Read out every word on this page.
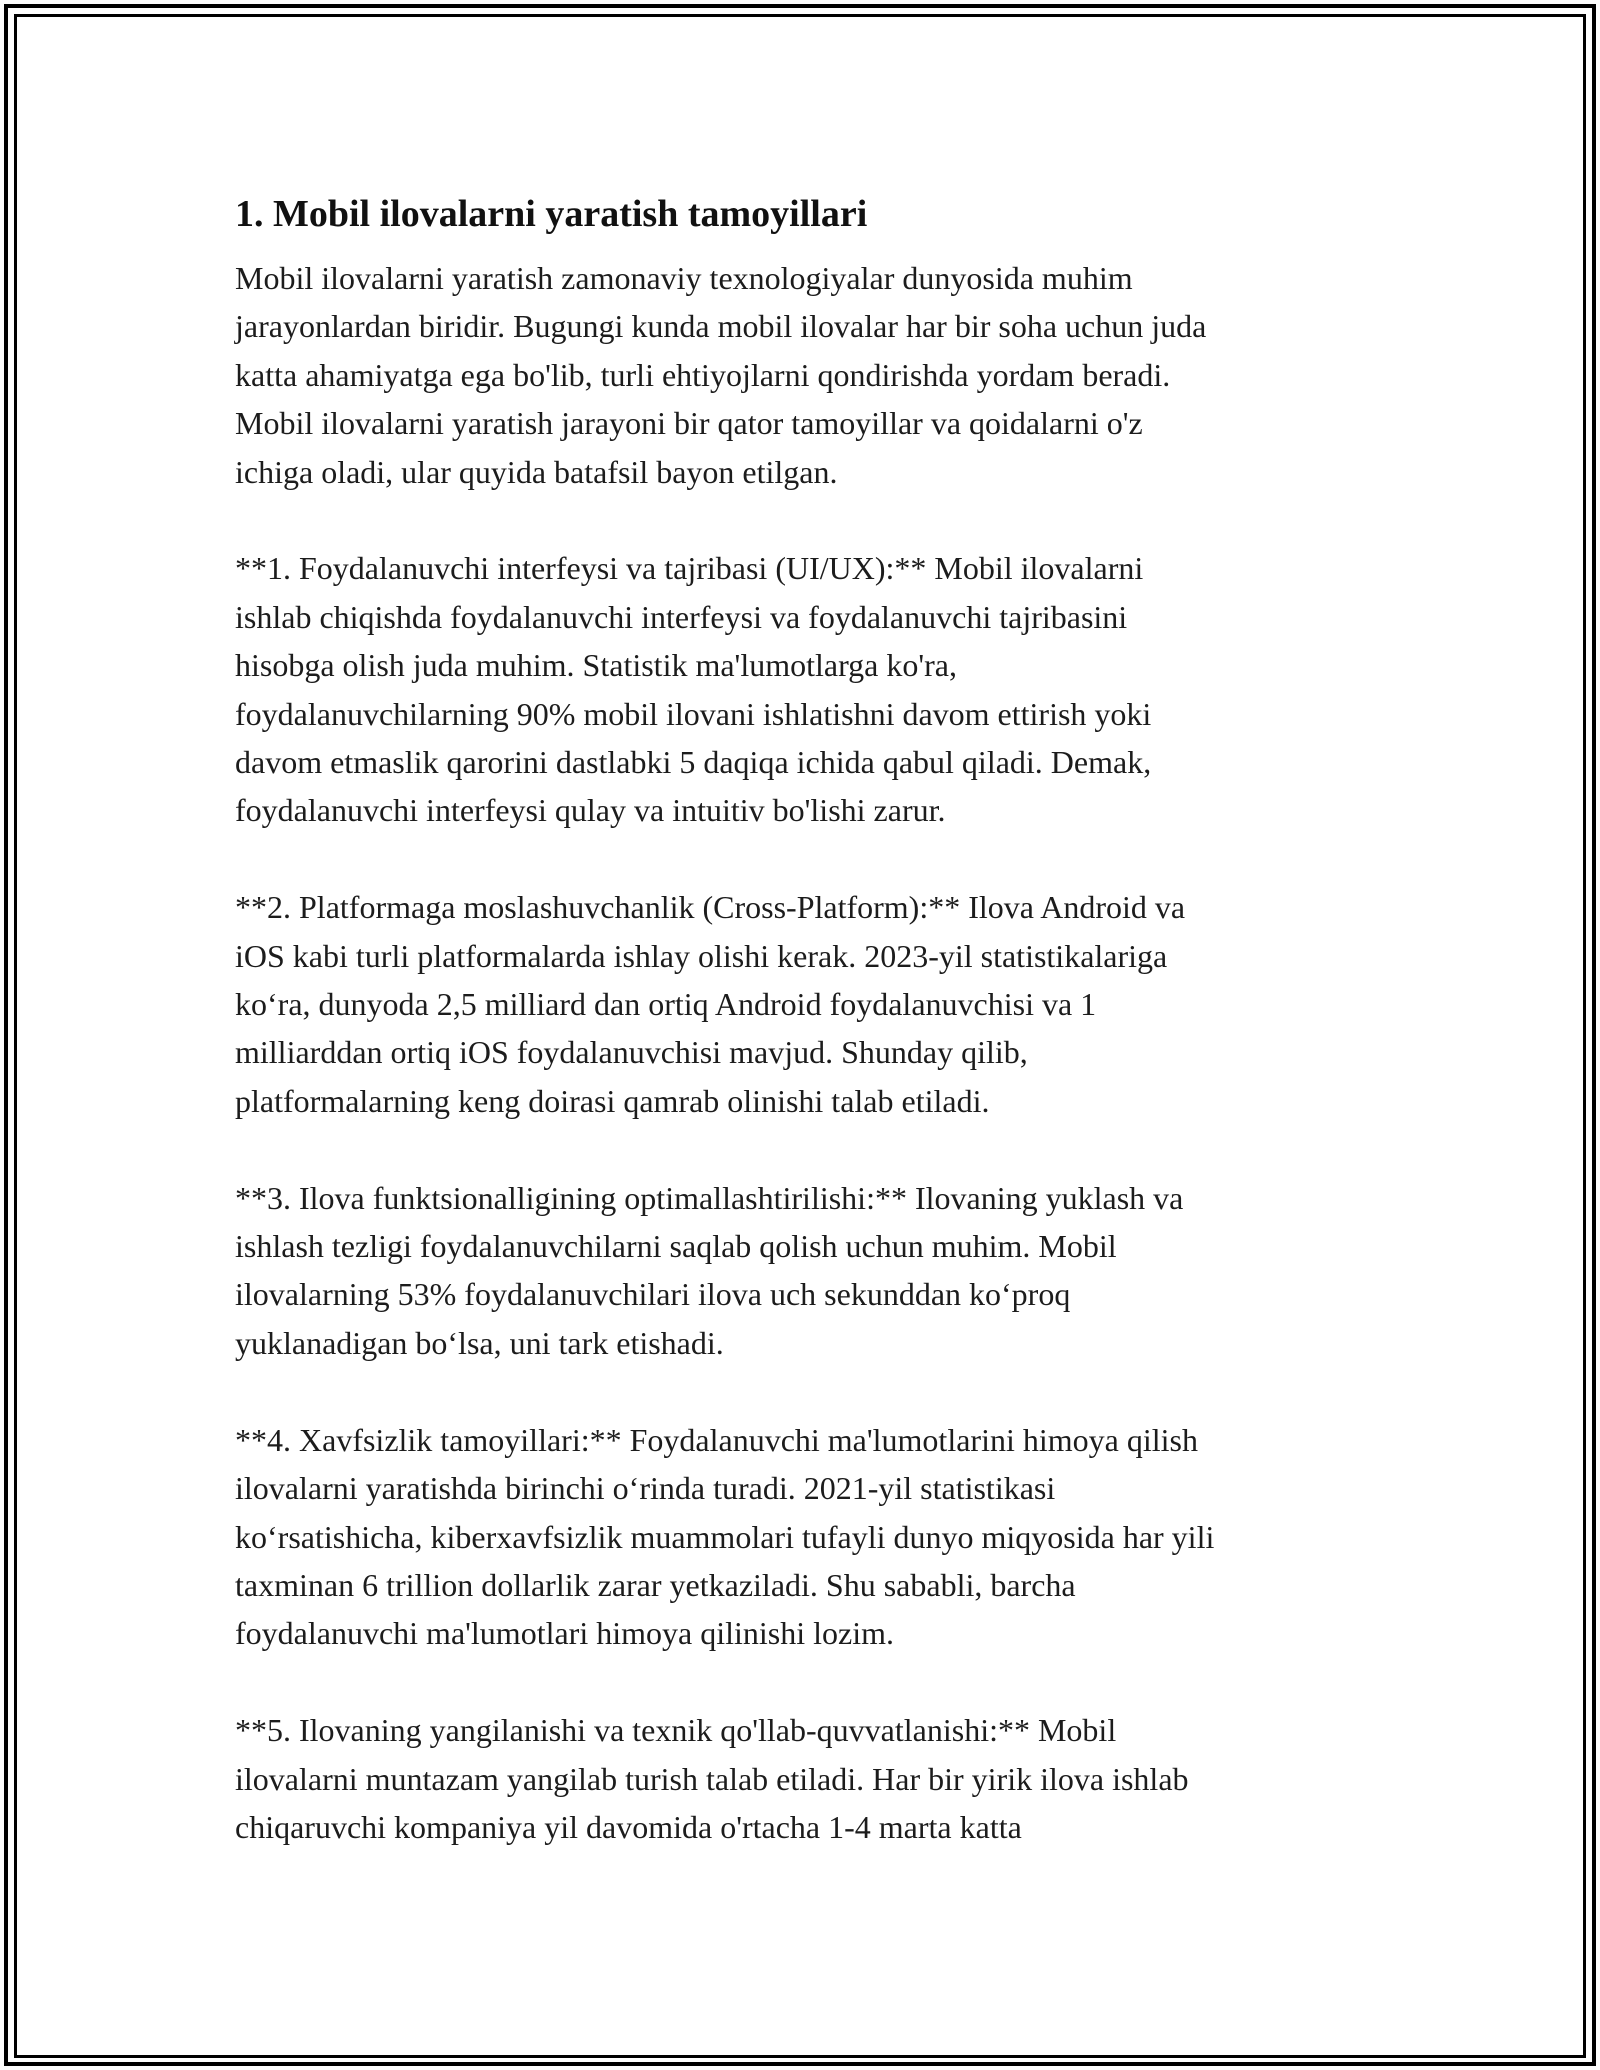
1. Mobil ilovalarni yaratish tamoyillari

Mobil ilovalarni yaratish zamonaviy texnologiyalar dunyosida muhim
jarayonlardan biridir. Bugungi kunda mobil ilovalar har bir soha uchun juda
katta ahamiyatga ega bo'lib, turli ehtiyojlarni qondirishda yordam beradi.
Mobil ilovalarni yaratish jarayoni bir qator tamoyillar va qoidalarni o'z
ichiga oladi, ular quyida batafsil bayon etilgan.

**1. Foydalanuvchi interfeysi va tajribasi (UI/UX):** Mobil ilovalarni
ishlab chiqishda foydalanuvchi interfeysi va foydalanuvchi tajribasini
hisobga olish juda muhim. Statistik ma'lumotlarga ko'ra,
foydalanuvchilarning 90% mobil ilovani ishlatishni davom ettirish yoki
davom etmaslik qarorini dastlabki 5 daqiqa ichida qabul qiladi. Demak,
foydalanuvchi interfeysi qulay va intuitiv bo'lishi zarur.

**2. Platformaga moslashuvchanlik (Cross-Platform):** Ilova Android va
iOS kabi turli platformalarda ishlay olishi kerak. 2023-yil statistikalariga
ko‘ra, dunyoda 2,5 milliard dan ortiq Android foydalanuvchisi va 1
milliarddan ortiq iOS foydalanuvchisi mavjud. Shunday qilib,
platformalarning keng doirasi qamrab olinishi talab etiladi.

**3. Ilova funktsionalligining optimallashtirilishi:** Ilovaning yuklash va
ishlash tezligi foydalanuvchilarni saqlab qolish uchun muhim. Mobil
ilovalarning 53% foydalanuvchilari ilova uch sekunddan ko‘proq
yuklanadigan bo‘lsa, uni tark etishadi.

**4. Xavfsizlik tamoyillari:** Foydalanuvchi ma'lumotlarini himoya qilish
ilovalarni yaratishda birinchi o‘rinda turadi. 2021-yil statistikasi
ko‘rsatishicha, kiberxavfsizlik muammolari tufayli dunyo miqyosida har yili
taxminan 6 trillion dollarlik zarar yetkaziladi. Shu sababli, barcha
foydalanuvchi ma'lumotlari himoya qilinishi lozim.

**5. Ilovaning yangilanishi va texnik qo'llab-quvvatlanishi:** Mobil
ilovalarni muntazam yangilab turish talab etiladi. Har bir yirik ilova ishlab
chiqaruvchi kompaniya yil davomida o'rtacha 1-4 marta katta
